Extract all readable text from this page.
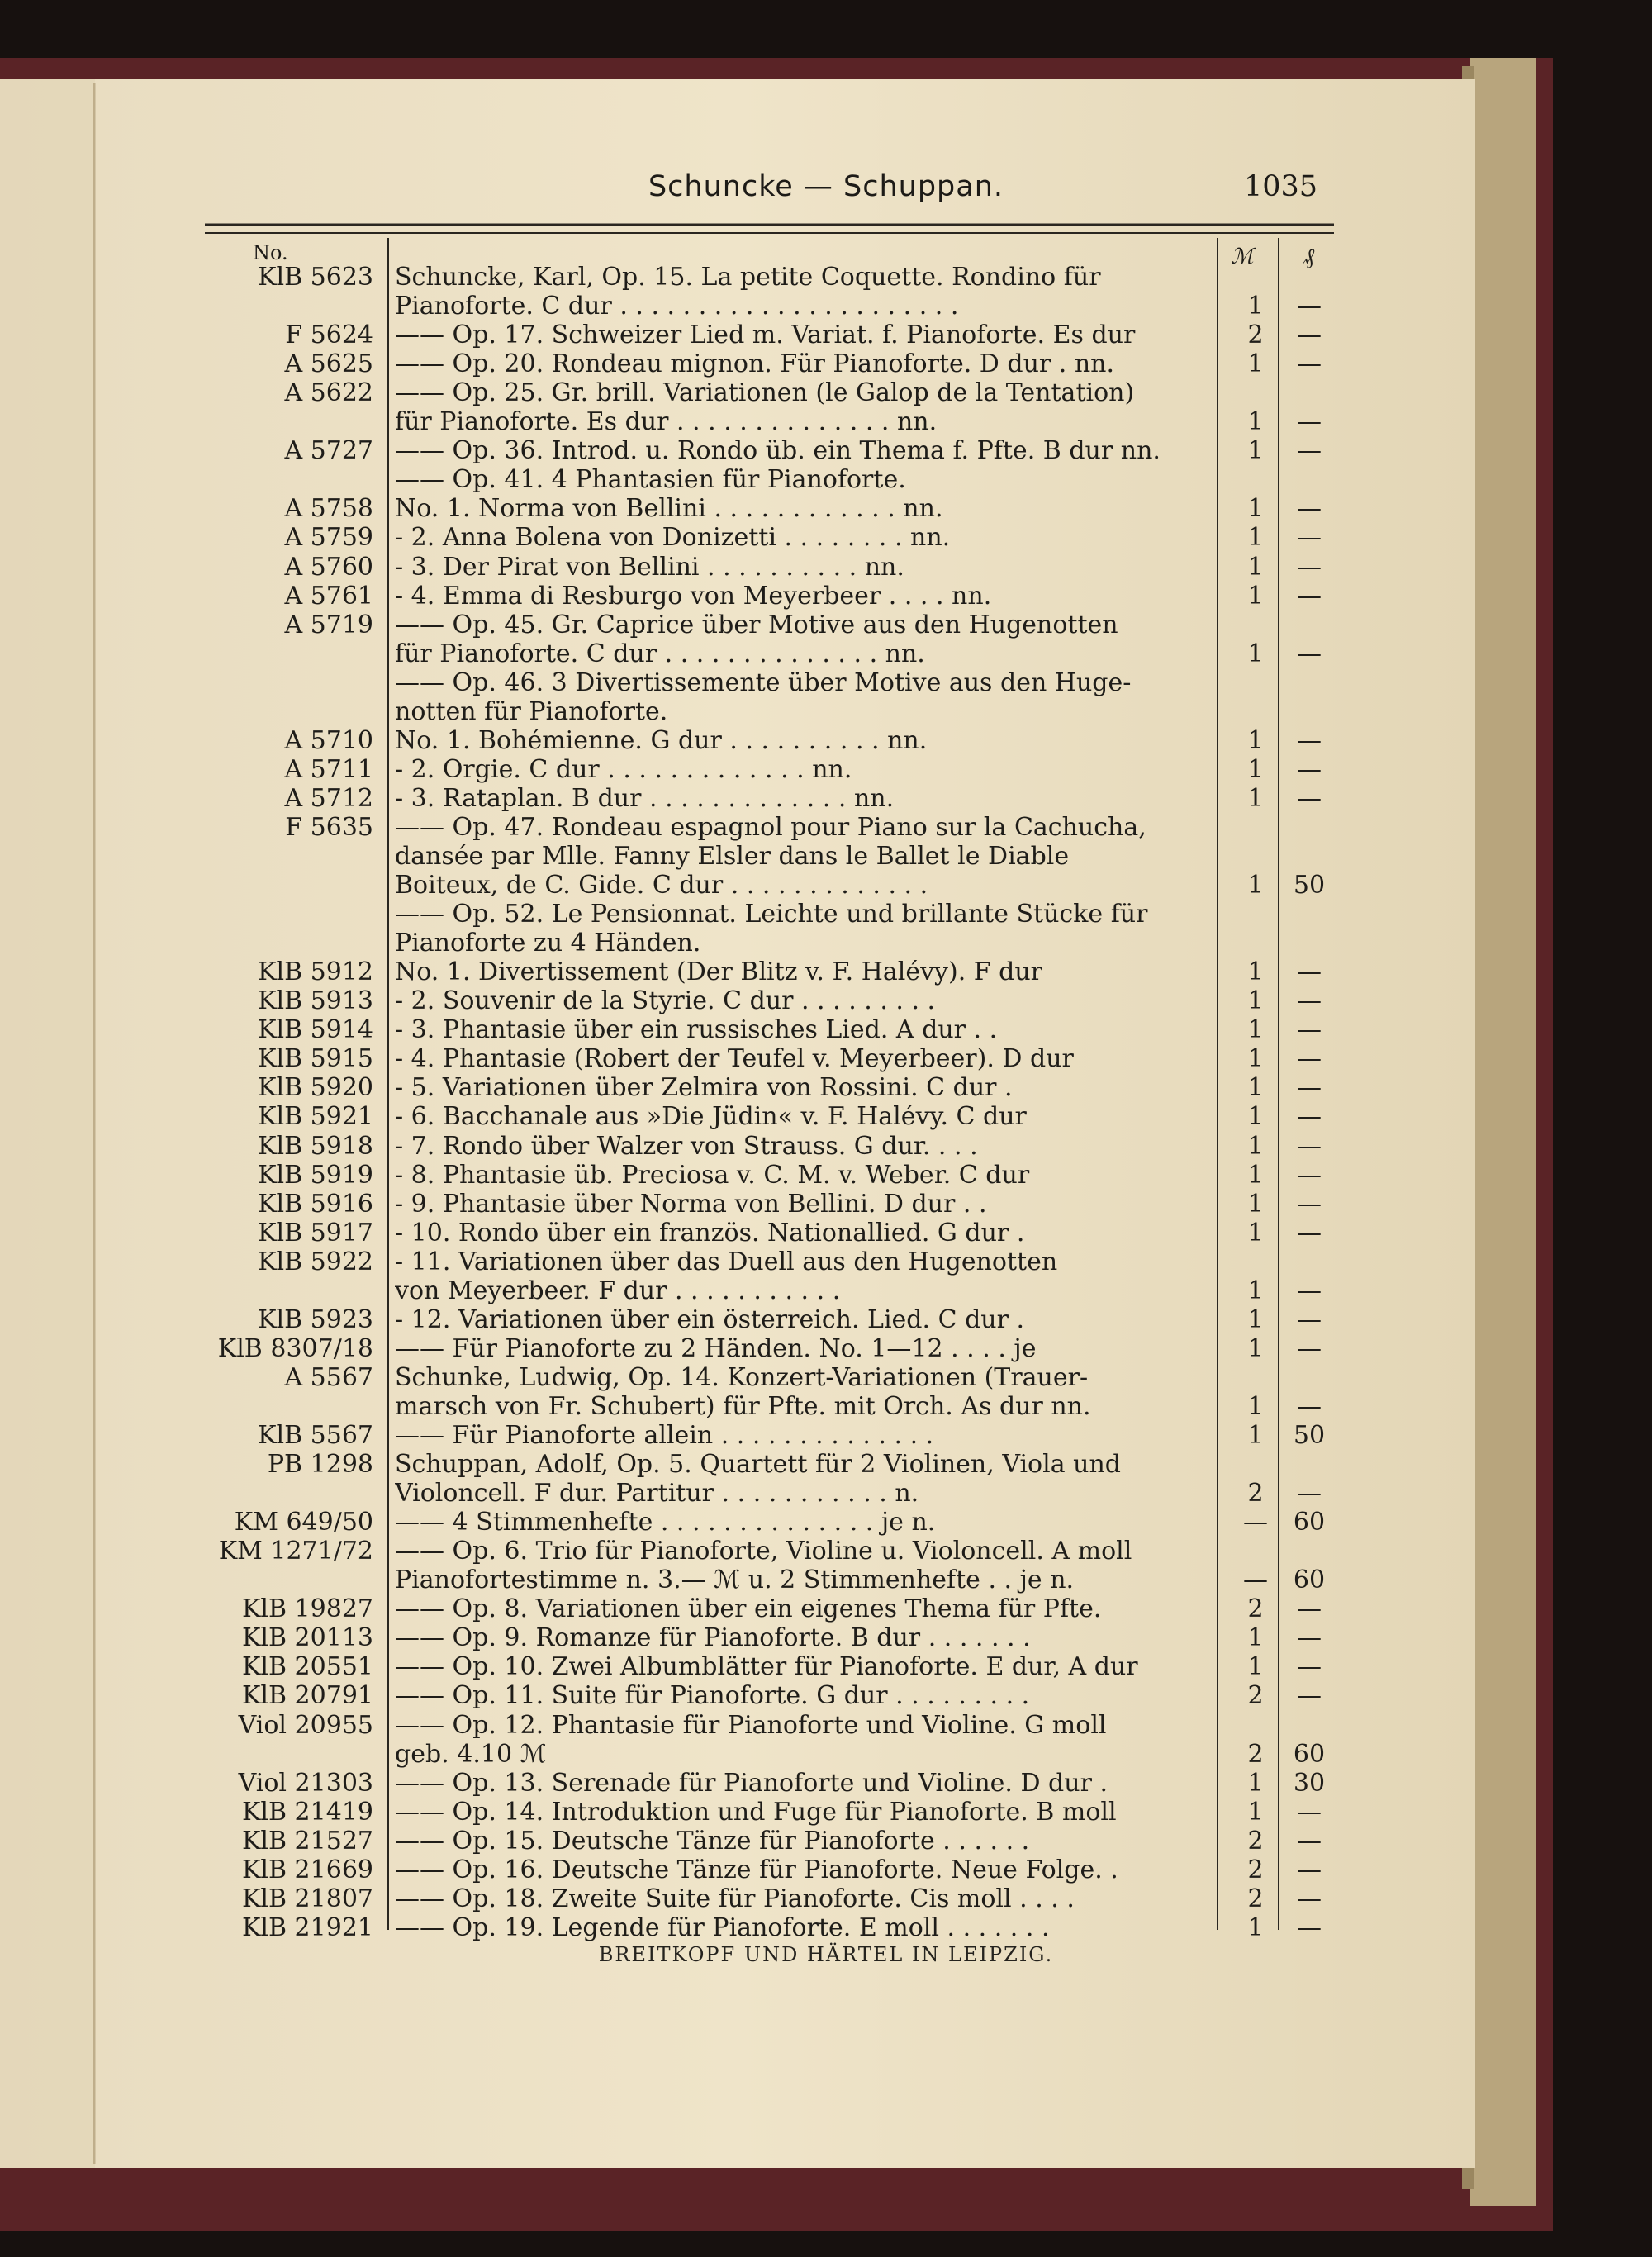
Schuncke — Schuppan.	1035
No.	ℳ ₰
KlB 5623 Schuncke, Karl, Op. 15. La petite Coquette. Rondino für
Pianoforte. C dur . . . . . . . . . . . . . . . . . . . . . .	1	—
F 5624 —— Op. 17. Schweizer Lied m. Variat. f. Pianoforte. Es dur	2	—
A 5625 —— Op. 20. Rondeau mignon. Für Pianoforte. D dur . nn.	1	—
A 5622 —— Op. 25. Gr. brill. Variationen (le Galop de la Tentation)
für Pianoforte. Es dur . . . . . . . . . . . . . . nn.	1	—
A 5727 —— Op. 36. Introd. u. Rondo üb. ein Thema f. Pfte. B dur nn.	1	—
—— Op. 41. 4 Phantasien für Pianoforte.
A 5758 No. 1. Norma von Bellini . . . . . . . . . . . . nn.	1	—
A 5759 - 2. Anna Bolena von Donizetti . . . . . . . . nn.	1	—
A 5760 - 3. Der Pirat von Bellini . . . . . . . . . . nn.	1	—
A 5761 - 4. Emma di Resburgo von Meyerbeer . . . . nn.	1	—
A 5719 —— Op. 45. Gr. Caprice über Motive aus den Hugenotten
für Pianoforte. C dur . . . . . . . . . . . . . . nn.	1	—
—— Op. 46. 3 Divertissemente über Motive aus den Huge-
notten für Pianoforte.
A 5710 No. 1. Bohémienne. G dur . . . . . . . . . . nn.	1	—
A 5711 - 2. Orgie. C dur . . . . . . . . . . . . . nn.	1	—
A 5712 - 3. Rataplan. B dur . . . . . . . . . . . . . nn.	1	—
F 5635 —— Op. 47. Rondeau espagnol pour Piano sur la Cachucha,
dansée par Mlle. Fanny Elsler dans le Ballet le Diable
Boiteux, de C. Gide. C dur . . . . . . . . . . . . .	1	50
—— Op. 52. Le Pensionnat. Leichte und brillante Stücke für
Pianoforte zu 4 Händen.
KlB 5912 No. 1. Divertissement (Der Blitz v. F. Halévy). F dur	1	—
KlB 5913 - 2. Souvenir de la Styrie. C dur . . . . . . . . .	1	—
KlB 5914 - 3. Phantasie über ein russisches Lied. A dur . .	1	—
KlB 5915 - 4. Phantasie (Robert der Teufel v. Meyerbeer). D dur	1	—
KlB 5920 - 5. Variationen über Zelmira von Rossini. C dur .	1	—
KlB 5921 - 6. Bacchanale aus »Die Jüdin« v. F. Halévy. C dur	1	—
KlB 5918 - 7. Rondo über Walzer von Strauss. G dur. . . .	1	—
KlB 5919 - 8. Phantasie üb. Preciosa v. C. M. v. Weber. C dur	1	—
KlB 5916 - 9. Phantasie über Norma von Bellini. D dur . .	1	—
KlB 5917 - 10. Rondo über ein französ. Nationallied. G dur .	1	—
KlB 5922 - 11. Variationen über das Duell aus den Hugenotten
von Meyerbeer. F dur . . . . . . . . . . .	1	—
KlB 5923 - 12. Variationen über ein österreich. Lied. C dur .	1	—
KlB 8307/18 —— Für Pianoforte zu 2 Händen. No. 1—12 . . . . je	1	—
A 5567 Schunke, Ludwig, Op. 14. Konzert-Variationen (Trauer-
marsch von Fr. Schubert) für Pfte. mit Orch. As dur nn.	1	—
KlB 5567 —— Für Pianoforte allein . . . . . . . . . . . . . .	1	50
PB 1298 Schuppan, Adolf, Op. 5. Quartett für 2 Violinen, Viola und
Violoncell. F dur. Partitur . . . . . . . . . . . n.	2	—
KM 649/50 —— 4 Stimmenhefte . . . . . . . . . . . . . . je n.	— 60
KM 1271/72 —— Op. 6. Trio für Pianoforte, Violine u. Violoncell. A moll
Pianofortestimme n. 3.— ℳ u. 2 Stimmenhefte . . je n.	— 60
KlB 19827 —— Op. 8. Variationen über ein eigenes Thema für Pfte.	2	—
KlB 20113 —— Op. 9. Romanze für Pianoforte. B dur . . . . . . .	1	—
KlB 20551 —— Op. 10. Zwei Albumblätter für Pianoforte. E dur, A dur	1	—
KlB 20791 —— Op. 11. Suite für Pianoforte. G dur . . . . . . . . .	2	—
Viol 20955 —— Op. 12. Phantasie für Pianoforte und Violine. G moll
geb. 4.10 ℳ	2	60
Viol 21303 —— Op. 13. Serenade für Pianoforte und Violine. D dur .	1	30
KlB 21419 —— Op. 14. Introduktion und Fuge für Pianoforte. B moll	1	—
KlB 21527 —— Op. 15. Deutsche Tänze für Pianoforte . . . . . .	2	—
KlB 21669 —— Op. 16. Deutsche Tänze für Pianoforte. Neue Folge. .	2	—
KlB 21807 —— Op. 18. Zweite Suite für Pianoforte. Cis moll . . . .	2	—
KlB 21921 —— Op. 19. Legende für Pianoforte. E moll . . . . . . .	1	—
BREITKOPF UND HÄRTEL IN LEIPZIG.
